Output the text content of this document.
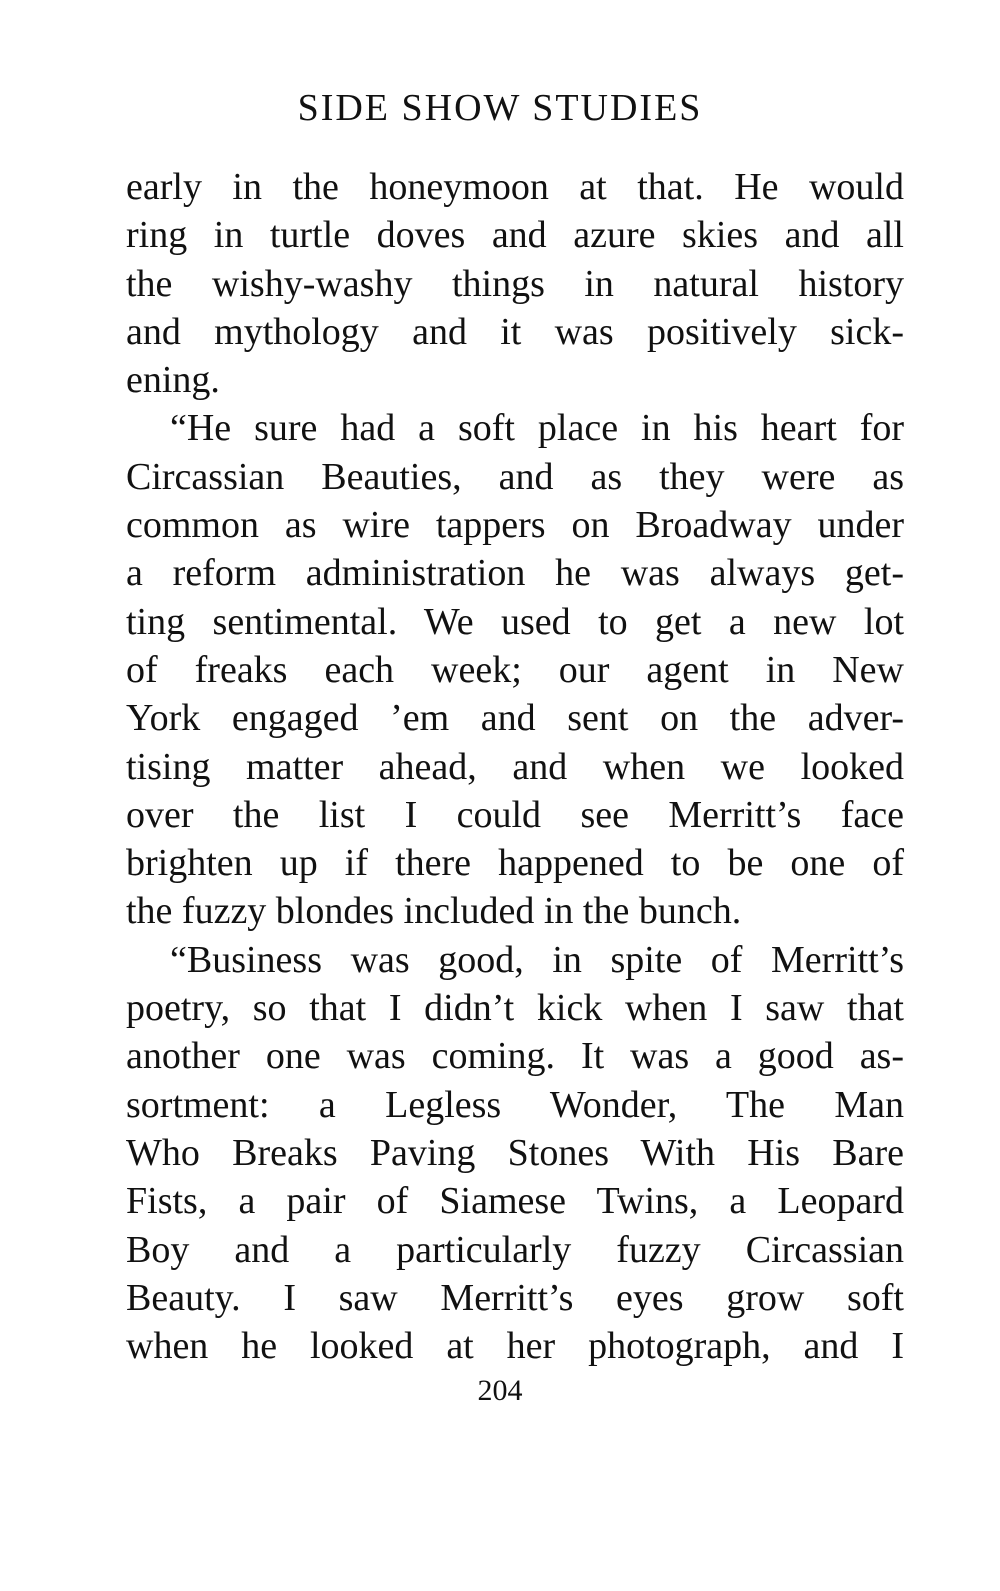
SIDE SHOW STUDIES
early in the honeymoon at that. He would
ring in turtle doves and azure skies and all
the wishy-washy things in natural history
and mythology and it was positively sick-
ening.
“He sure had a soft place in his heart for
Circassian Beauties, and as they were as
common as wire tappers on Broadway under
a reform administration he was always get-
ting sentimental. We used to get a new lot
of freaks each week; our agent in New
York engaged ’em and sent on the adver-
tising matter ahead, and when we looked
over the list I could see Merritt’s face
brighten up if there happened to be one of
the fuzzy blondes included in the bunch.
“Business was good, in spite of Merritt’s
poetry, so that I didn’t kick when I saw that
another one was coming. It was a good as-
sortment: a Legless Wonder, The Man
Who Breaks Paving Stones With His Bare
Fists, a pair of Siamese Twins, a Leopard
Boy and a particularly fuzzy Circassian
Beauty. I saw Merritt’s eyes grow soft
when he looked at her photograph, and I
204
